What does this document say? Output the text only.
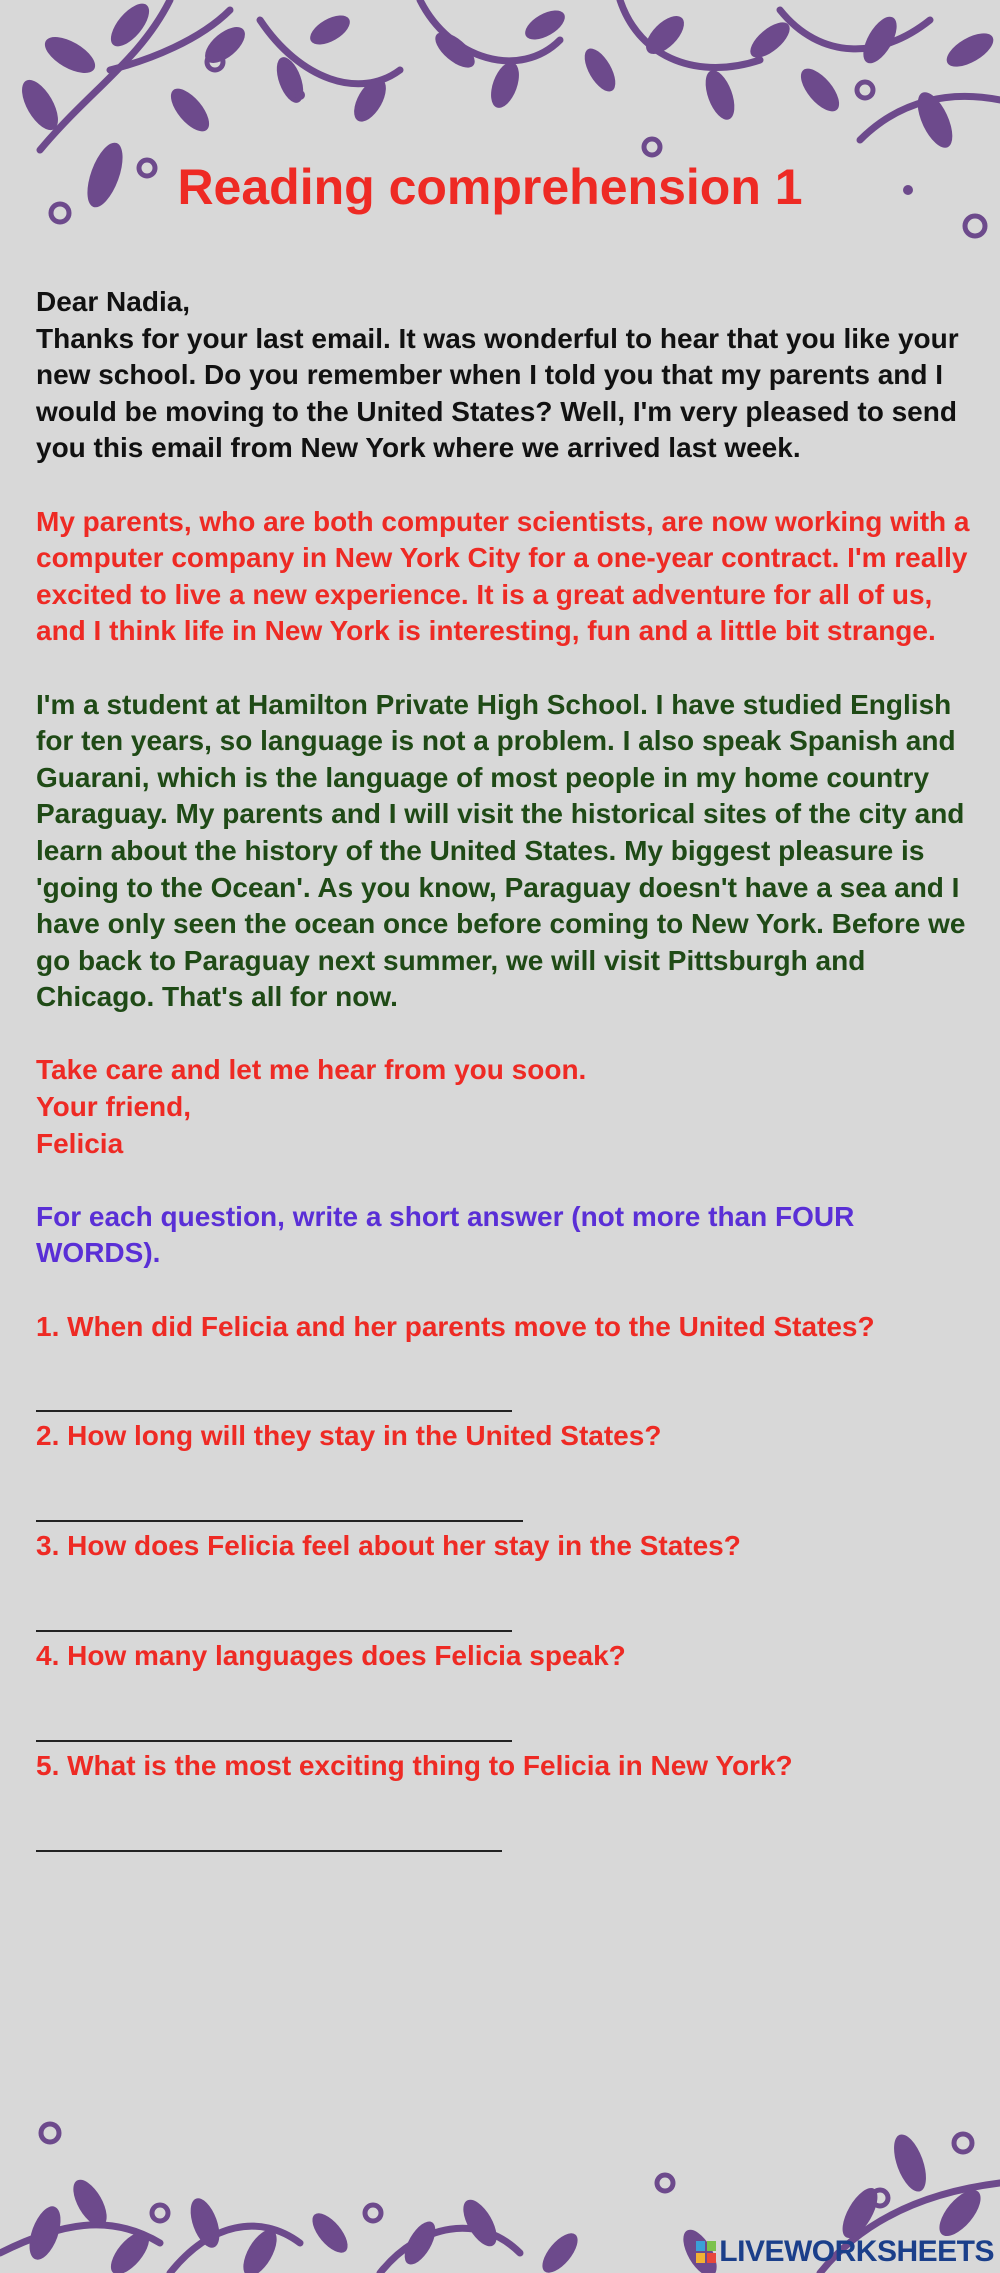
Reading comprehension 1

Dear Nadia,

Thanks for your last email. It was wonderful to hear that you like your new school. Do you remember when I told you that my parents and I would be moving to the United States? Well, I'm very pleased to send you this email from New York where we arrived last week.

My parents, who are both computer scientists, are now working with a computer company in New York City for a one-year contract. I'm really excited to live a new experience. It is a great adventure for all of us, and I think life in New York is interesting, fun and a little bit strange.

I'm a student at Hamilton Private High School. I have studied English for ten years, so language is not a problem. I also speak Spanish and Guarani, which is the language of most people in my home country Paraguay. My parents and I will visit the historical sites of the city and learn about the history of the United States. My biggest pleasure is 'going to the Ocean'. As you know, Paraguay doesn't have a sea and I have only seen the ocean once before coming to New York. Before we go back to Paraguay next summer, we will visit Pittsburgh and Chicago. That's all for now.

Take care and let me hear from you soon.

Your friend,

Felicia

For each question, write a short answer (not more than FOUR WORDS).

1. When did Felicia and her parents move to the United States?

2. How long will they stay in the United States?

3. How does Felicia feel about her stay in the States?

4. How many languages does Felicia speak?

5. What is the most exciting thing to Felicia in New York?

LIVEWORKSHEETS
